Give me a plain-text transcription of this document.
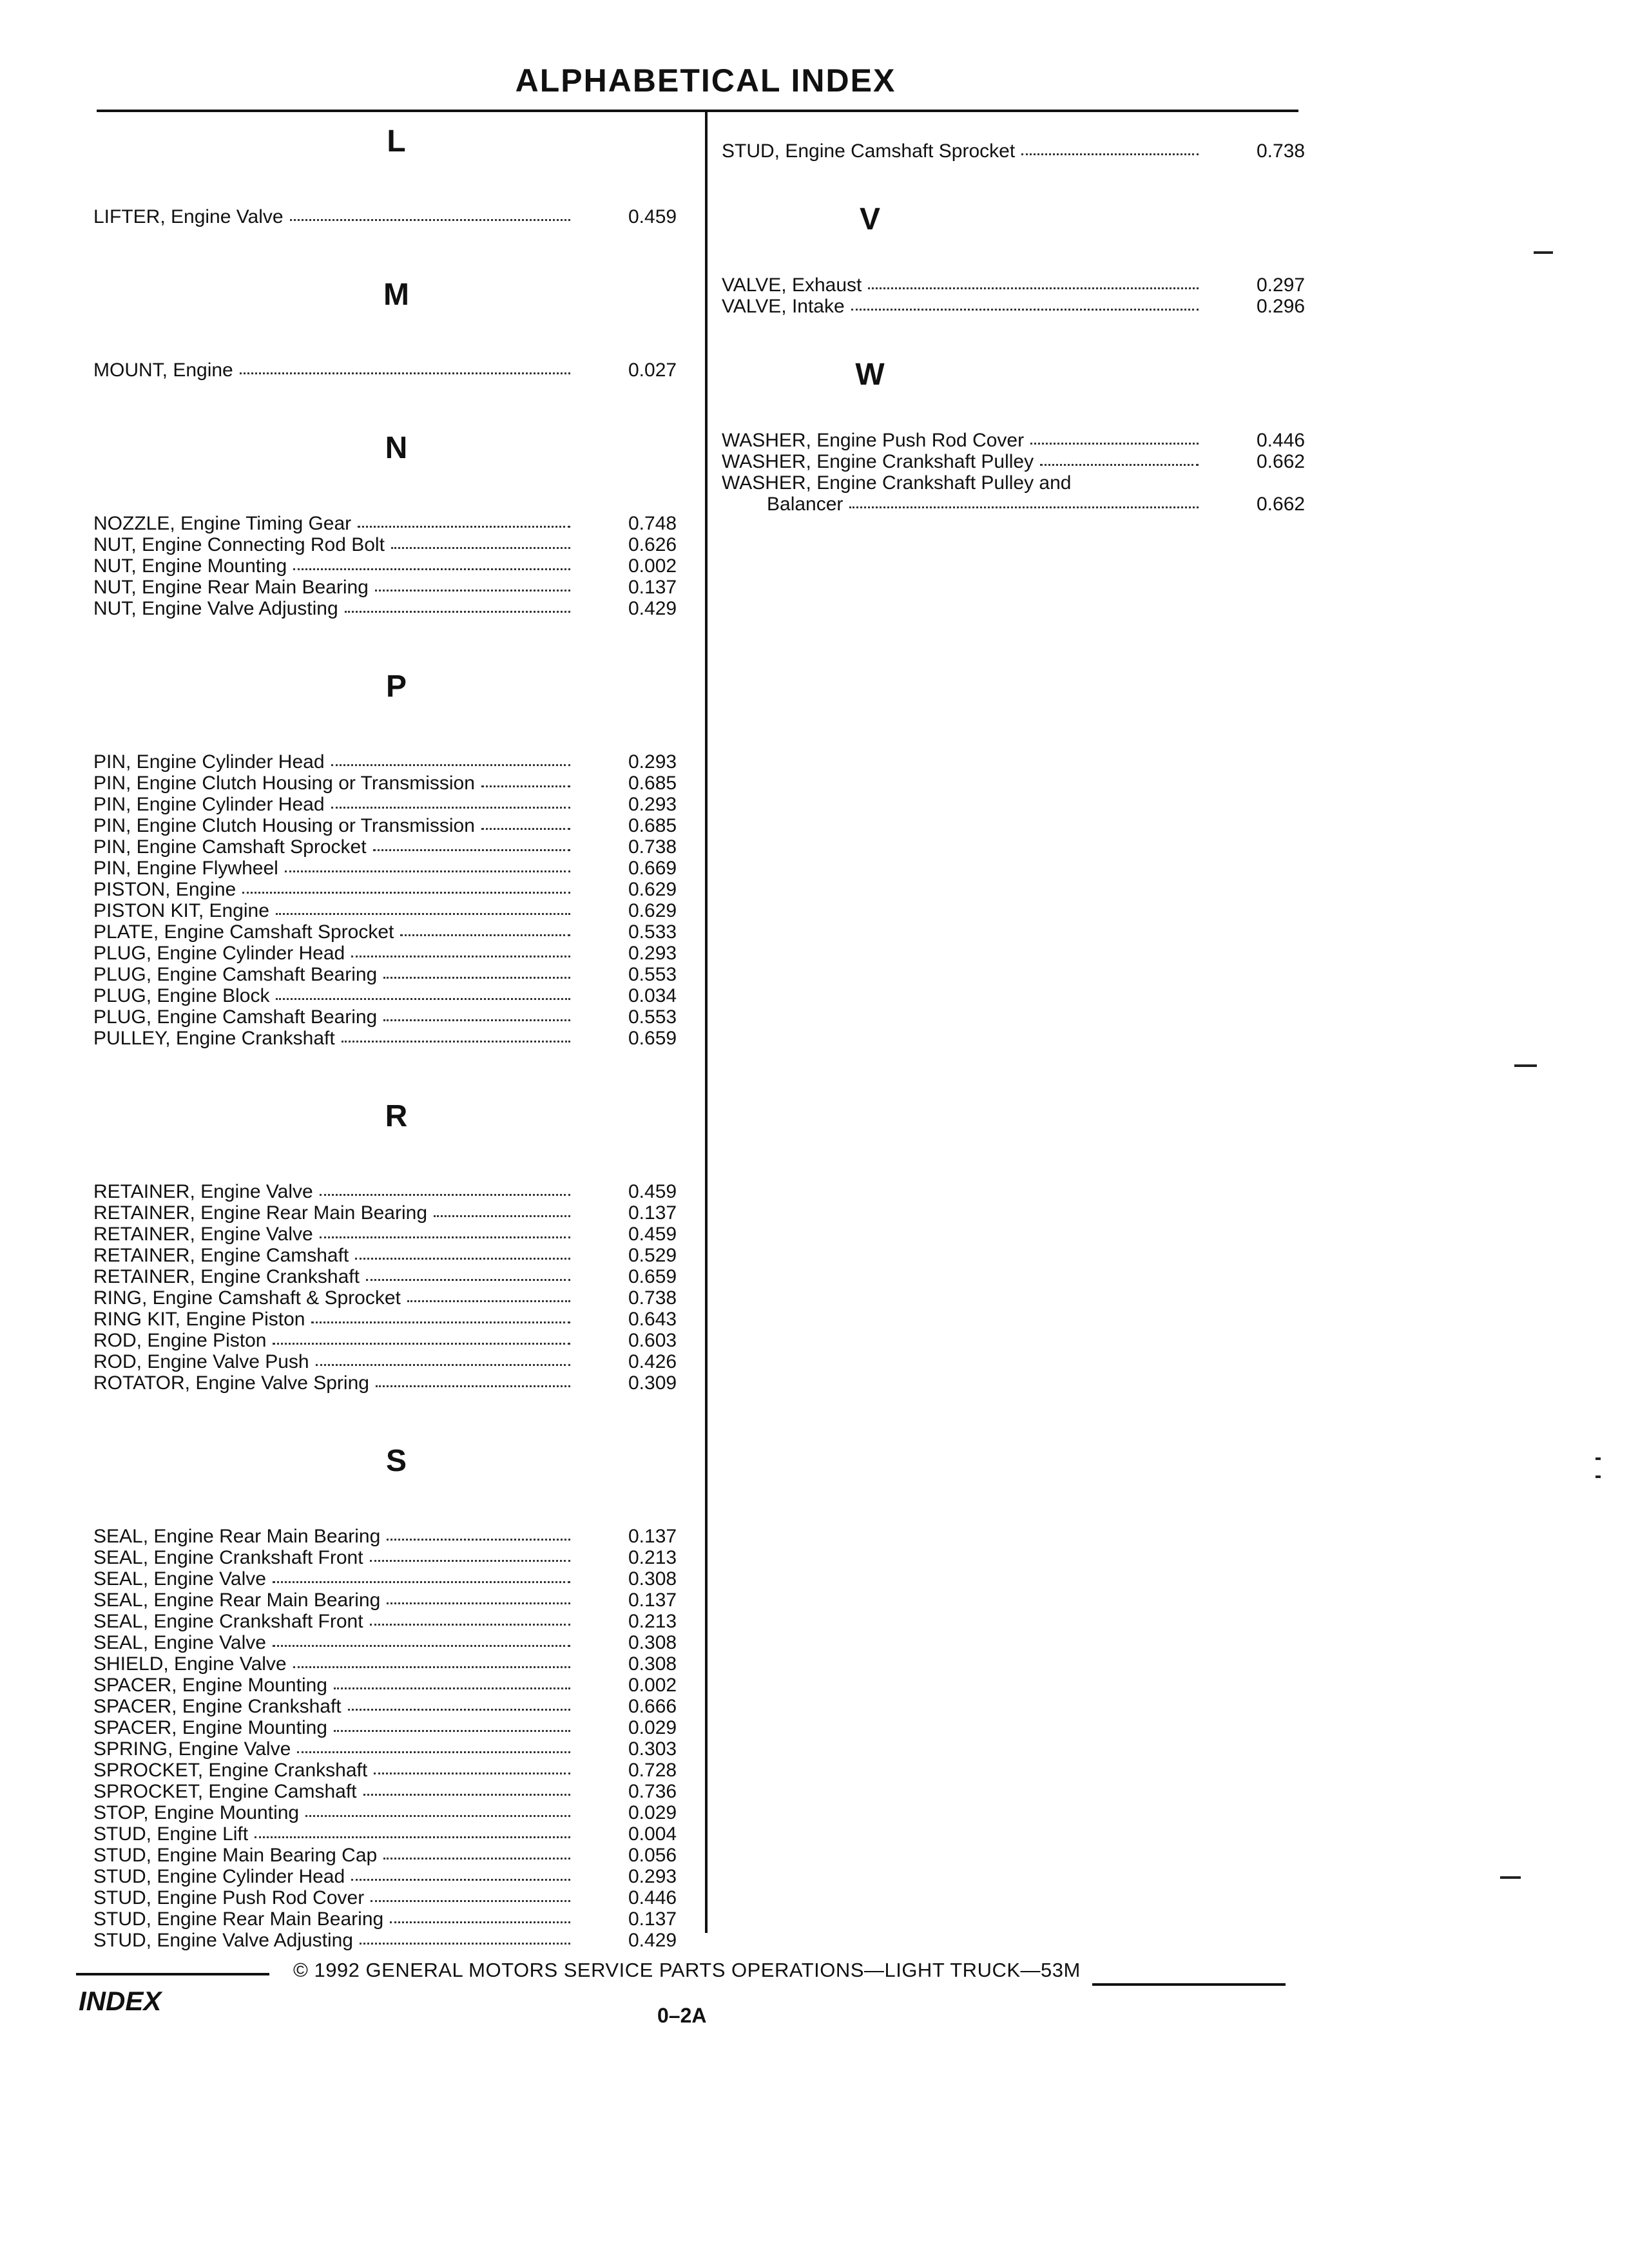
ALPHABETICAL INDEX
L
LIFTER, Engine Valve	0.459
M
MOUNT, Engine	0.027
N
NOZZLE, Engine Timing Gear	0.748
NUT, Engine Connecting Rod Bolt	0.626
NUT, Engine Mounting	0.002
NUT, Engine Rear Main Bearing	0.137
NUT, Engine Valve Adjusting	0.429
P
PIN, Engine Cylinder Head	0.293
PIN, Engine Clutch Housing or Transmission	0.685
PIN, Engine Cylinder Head	0.293
PIN, Engine Clutch Housing or Transmission	0.685
PIN, Engine Camshaft Sprocket	0.738
PIN, Engine Flywheel	0.669
PISTON, Engine	0.629
PISTON KIT, Engine	0.629
PLATE, Engine Camshaft Sprocket	0.533
PLUG, Engine Cylinder Head	0.293
PLUG, Engine Camshaft Bearing	0.553
PLUG, Engine Block	0.034
PLUG, Engine Camshaft Bearing	0.553
PULLEY, Engine Crankshaft	0.659
R
RETAINER, Engine Valve	0.459
RETAINER, Engine Rear Main Bearing	0.137
RETAINER, Engine Valve	0.459
RETAINER, Engine Camshaft	0.529
RETAINER, Engine Crankshaft	0.659
RING, Engine Camshaft & Sprocket	0.738
RING KIT, Engine Piston	0.643
ROD, Engine Piston	0.603
ROD, Engine Valve Push	0.426
ROTATOR, Engine Valve Spring	0.309
S
SEAL, Engine Rear Main Bearing	0.137
SEAL, Engine Crankshaft Front	0.213
SEAL, Engine Valve	0.308
SEAL, Engine Rear Main Bearing	0.137
SEAL, Engine Crankshaft Front	0.213
SEAL, Engine Valve	0.308
SHIELD, Engine Valve	0.308
SPACER, Engine Mounting	0.002
SPACER, Engine Crankshaft	0.666
SPACER, Engine Mounting	0.029
SPRING, Engine Valve	0.303
SPROCKET, Engine Crankshaft	0.728
SPROCKET, Engine Camshaft	0.736
STOP, Engine Mounting	0.029
STUD, Engine Lift	0.004
STUD, Engine Main Bearing Cap	0.056
STUD, Engine Cylinder Head	0.293
STUD, Engine Push Rod Cover	0.446
STUD, Engine Rear Main Bearing	0.137
STUD, Engine Valve Adjusting	0.429
STUD, Engine Camshaft Sprocket	0.738
V
VALVE, Exhaust	0.297
VALVE, Intake	0.296
W
WASHER, Engine Push Rod Cover	0.446
WASHER, Engine Crankshaft Pulley	0.662
WASHER, Engine Crankshaft Pulley and
Balancer	0.662
© 1992 GENERAL MOTORS SERVICE PARTS OPERATIONS—LIGHT TRUCK—53M
INDEX	0–2A
